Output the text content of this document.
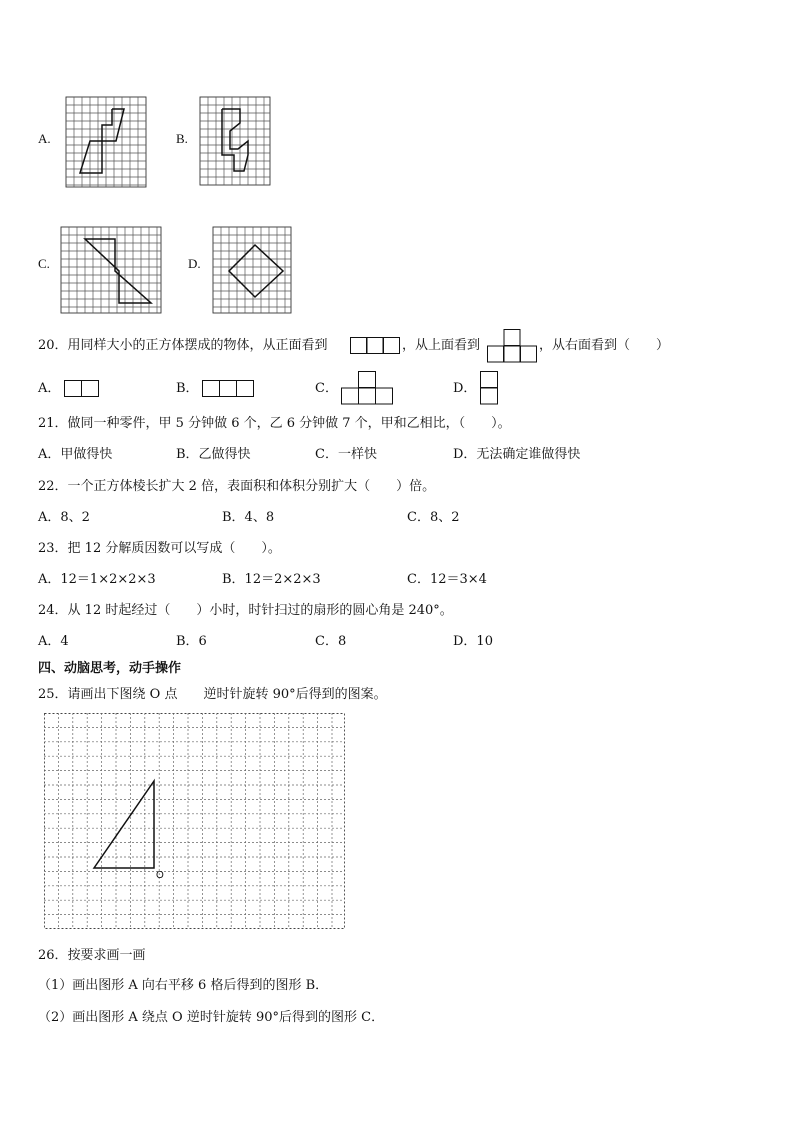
A.	B.
C.	D.
20．用同样大小的正方体摆成的物体，从正面看到	，从上面看到	，从右面看到（　　）
A．	B．	C．	D．
21．做同一种零件，甲 5 分钟做 6 个，乙 6 分钟做 7 个，甲和乙相比，（　　）。
A．甲做得快	B．乙做得快	C．一样快	D．无法确定谁做得快
22．一个正方体棱长扩大 2 倍，表面积和体积分别扩大（　　）倍。
A．8、2	B．4、8	C．8、2
23．把 12 分解质因数可以写成（　　）。
A．12＝1×2×2×3	B．12＝2×2×3	C．12＝3×4
24．从 12 时起经过（　　）小时，时针扫过的扇形的圆心角是 240°。
A．4	B．6	C．8	D．10
四、动脑思考，动手操作
25．请画出下图绕 O 点　　逆时针旋转 90°后得到的图案。
O
26．按要求画一画
（1）画出图形 A 向右平移 6 格后得到的图形 B．
（2）画出图形 A 绕点 O 逆时针旋转 90°后得到的图形 C．
